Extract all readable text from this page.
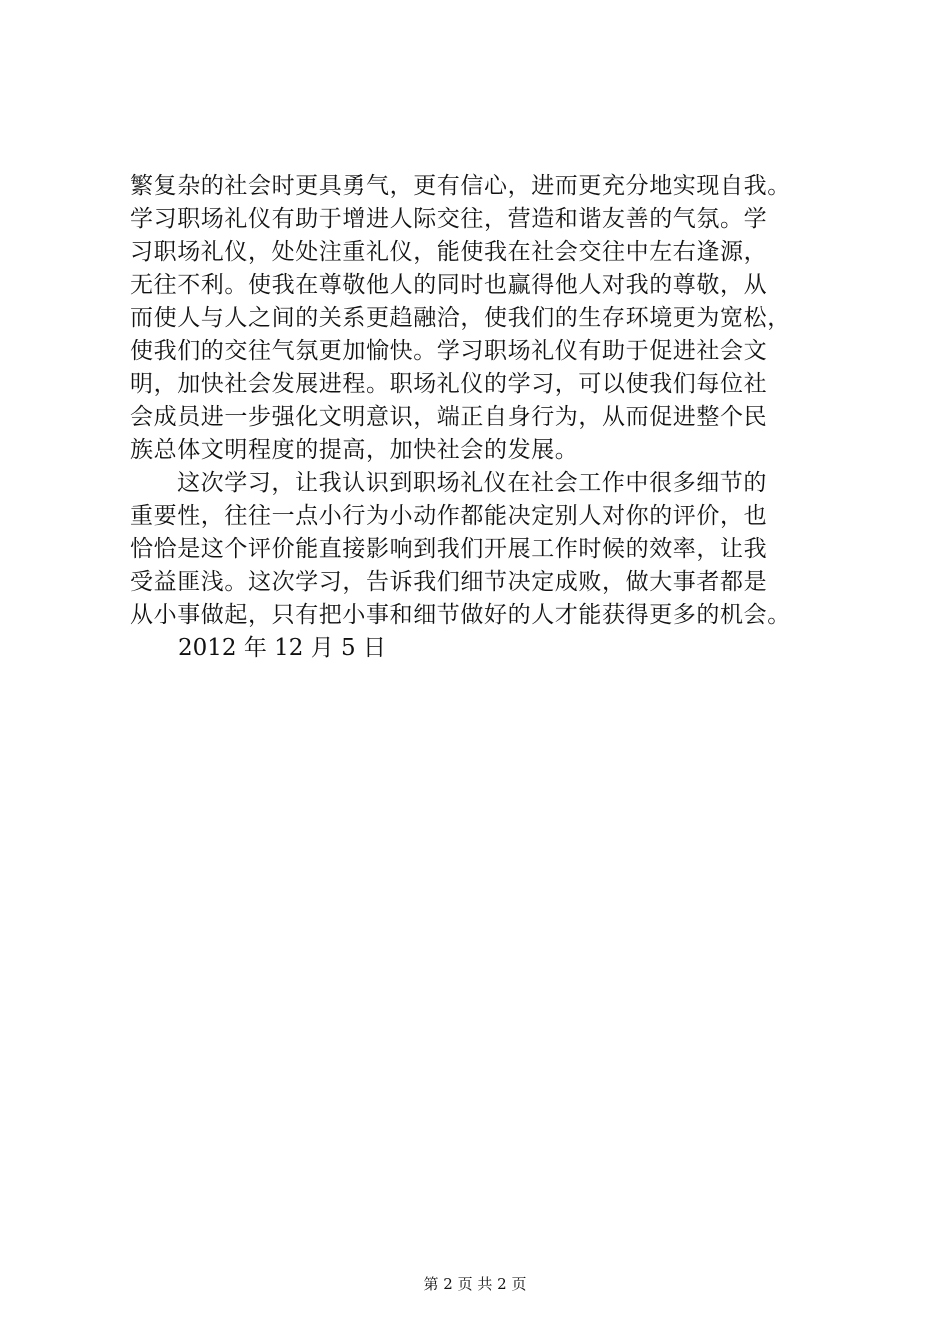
繁复杂的社会时更具勇气，更有信心，进而更充分地实现自我。
学习职场礼仪有助于增进人际交往，营造和谐友善的气氛。学
习职场礼仪，处处注重礼仪，能使我在社会交往中左右逢源，
无往不利。使我在尊敬他人的同时也赢得他人对我的尊敬，从
而使人与人之间的关系更趋融洽，使我们的生存环境更为宽松，
使我们的交往气氛更加愉快。学习职场礼仪有助于促进社会文
明，加快社会发展进程。职场礼仪的学习，可以使我们每位社
会成员进一步强化文明意识，端正自身行为，从而促进整个民
族总体文明程度的提高，加快社会的发展。
这次学习，让我认识到职场礼仪在社会工作中很多细节的
重要性，往往一点小行为小动作都能决定别人对你的评价，也
恰恰是这个评价能直接影响到我们开展工作时候的效率，让我
受益匪浅。这次学习，告诉我们细节决定成败，做大事者都是
从小事做起，只有把小事和细节做好的人才能获得更多的机会。
2012 年 12 月 5 日
第 2 页 共 2 页
